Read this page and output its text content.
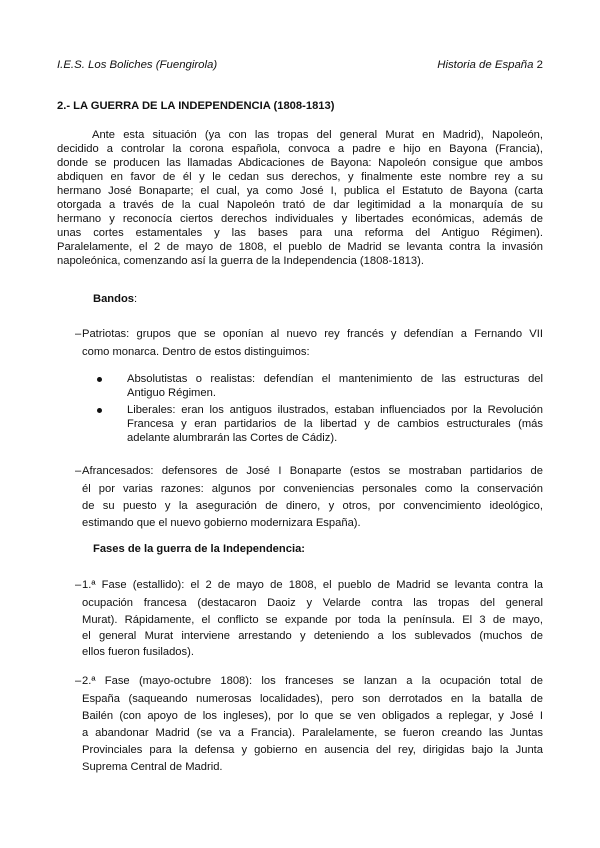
I.E.S. Los Boliches (Fuengirola)	Historia de España 2
2.- LA GUERRA DE LA INDEPENDENCIA (1808-1813)
Ante esta situación (ya con las tropas del general Murat en Madrid), Napoleón,
decidido a controlar la corona española, convoca a padre e hijo en Bayona (Francia),
donde se producen las llamadas Abdicaciones de Bayona: Napoleón consigue que ambos
abdiquen en favor de él y le cedan sus derechos, y finalmente este nombre rey a su
hermano José Bonaparte; el cual, ya como José I, publica el Estatuto de Bayona (carta
otorgada a través de la cual Napoleón trató de dar legitimidad a la monarquía de su
hermano y reconocía ciertos derechos individuales y libertades económicas, además de
unas cortes estamentales y las bases para una reforma del Antiguo Régimen).
Paralelamente, el 2 de mayo de 1808, el pueblo de Madrid se levanta contra la invasión
napoleónica, comenzando así la guerra de la Independencia (1808-1813).
Bandos:
– Patriotas: grupos que se oponían al nuevo rey francés y defendían a Fernando VII
como monarca. Dentro de estos distinguimos:
Absolutistas o realistas: defendían el mantenimiento de las estructuras del
Antiguo Régimen.
Liberales: eran los antiguos ilustrados, estaban influenciados por la Revolución
Francesa y eran partidarios de la libertad y de cambios estructurales (más
adelante alumbrarán las Cortes de Cádiz).
– Afrancesados: defensores de José I Bonaparte (estos se mostraban partidarios de
él por varias razones: algunos por conveniencias personales como la conservación
de su puesto y la aseguración de dinero, y otros, por convencimiento ideológico,
estimando que el nuevo gobierno modernizara España).
Fases de la guerra de la Independencia:
– 1.ª Fase (estallido): el 2 de mayo de 1808, el pueblo de Madrid se levanta contra la
ocupación francesa (destacaron Daoiz y Velarde contra las tropas del general
Murat). Rápidamente, el conflicto se expande por toda la península. El 3 de mayo,
el general Murat interviene arrestando y deteniendo a los sublevados (muchos de
ellos fueron fusilados).
– 2.ª Fase (mayo-octubre 1808): los franceses se lanzan a la ocupación total de
España (saqueando numerosas localidades), pero son derrotados en la batalla de
Bailén (con apoyo de los ingleses), por lo que se ven obligados a replegar, y José I
a abandonar Madrid (se va a Francia). Paralelamente, se fueron creando las Juntas
Provinciales para la defensa y gobierno en ausencia del rey, dirigidas bajo la Junta
Suprema Central de Madrid.
